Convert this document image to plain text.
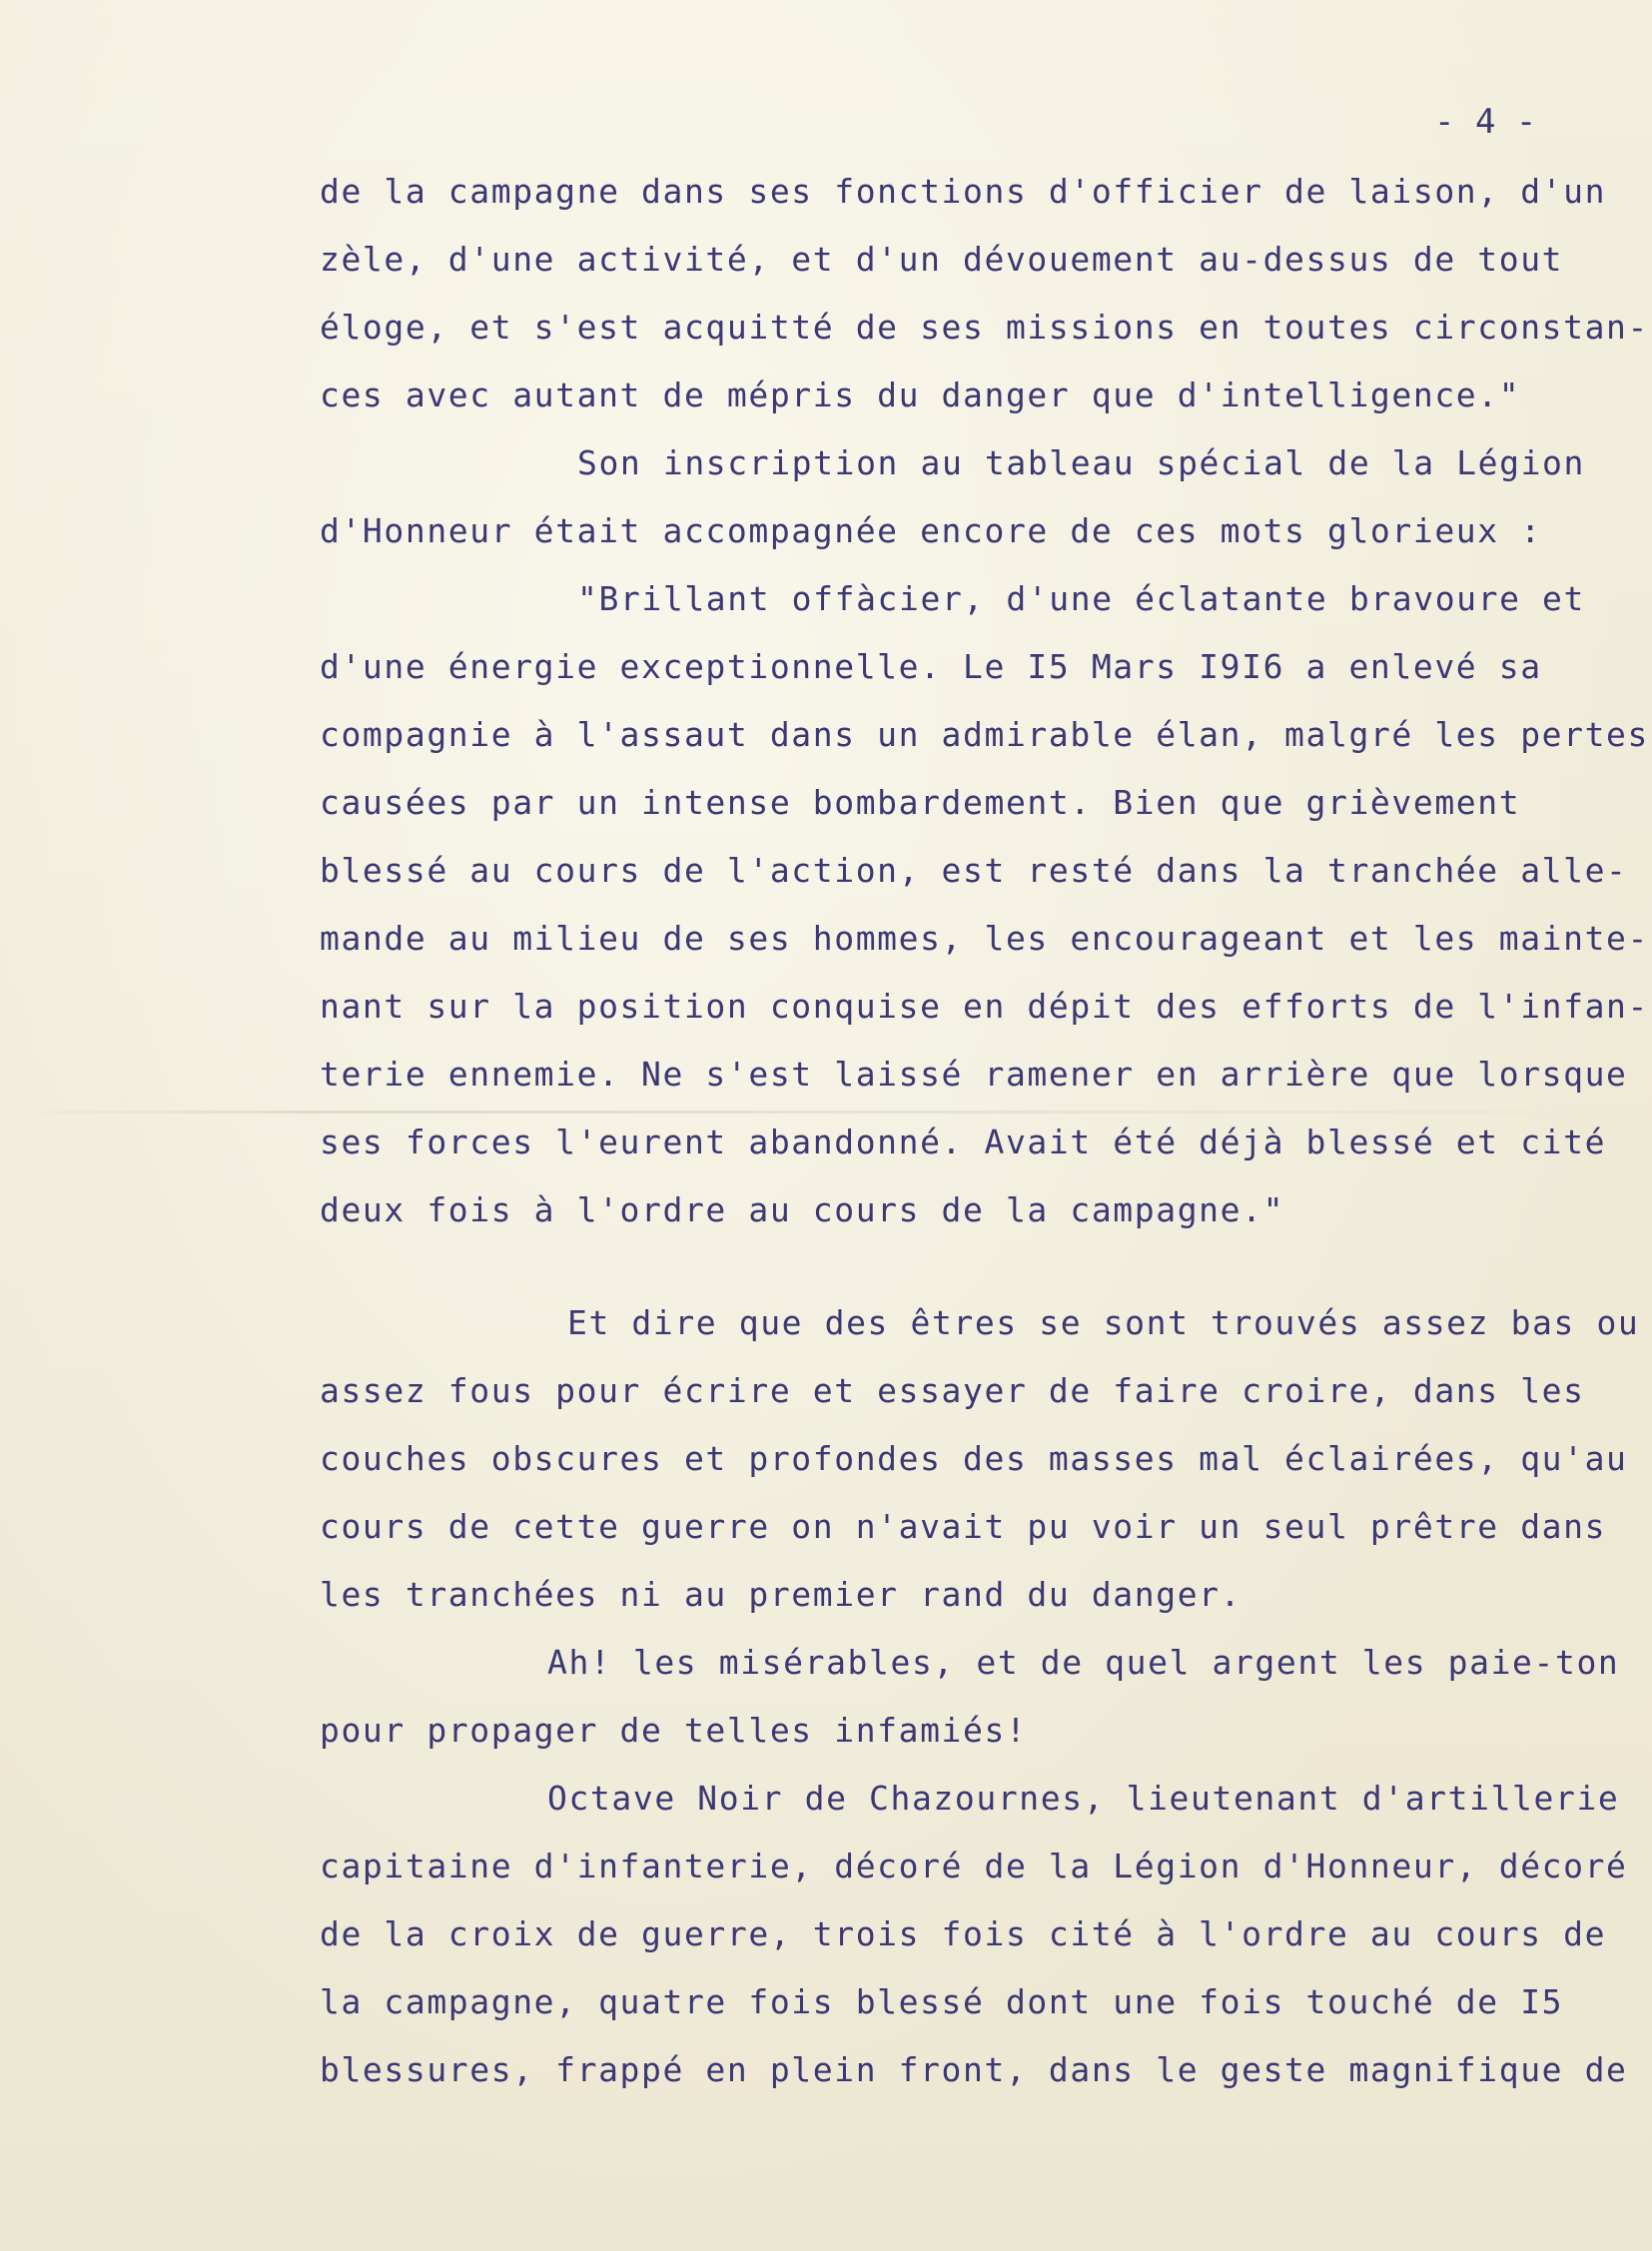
- 4 -
de la campagne dans ses fonctions d'officier de laison, d'un
zèle, d'une activité, et d'un dévouement au-dessus de tout
éloge, et s'est acquitté de ses missions en toutes circonstan-
ces avec autant de mépris du danger que d'intelligence."
Son inscription au tableau spécial de la Légion
d'Honneur était accompagnée encore de ces mots glorieux :
"Brillant offàcier, d'une éclatante bravoure et
d'une énergie exceptionnelle. Le I5 Mars I9I6 a enlevé sa
compagnie à l'assaut dans un admirable élan, malgré les pertes
causées par un intense bombardement. Bien que grièvement
blessé au cours de l'action, est resté dans la tranchée alle-
mande au milieu de ses hommes, les encourageant et les mainte-
nant sur la position conquise en dépit des efforts de l'infan-
terie ennemie. Ne s'est laissé ramener en arrière que lorsque
ses forces l'eurent abandonné. Avait été déjà blessé et cité
deux fois à l'ordre au cours de la campagne."
Et dire que des êtres se sont trouvés assez bas ou
assez fous pour écrire et essayer de faire croire, dans les
couches obscures et profondes des masses mal éclairées, qu'au
cours de cette guerre on n'avait pu voir un seul prêtre dans
les tranchées ni au premier rand du danger.
Ah! les misérables, et de quel argent les paie-ton
pour propager de telles infamiés!
Octave Noir de Chazournes, lieutenant d'artillerie
capitaine d'infanterie, décoré de la Légion d'Honneur, décoré
de la croix de guerre, trois fois cité à l'ordre au cours de
la campagne, quatre fois blessé dont une fois touché de I5
blessures, frappé en plein front, dans le geste magnifique de
